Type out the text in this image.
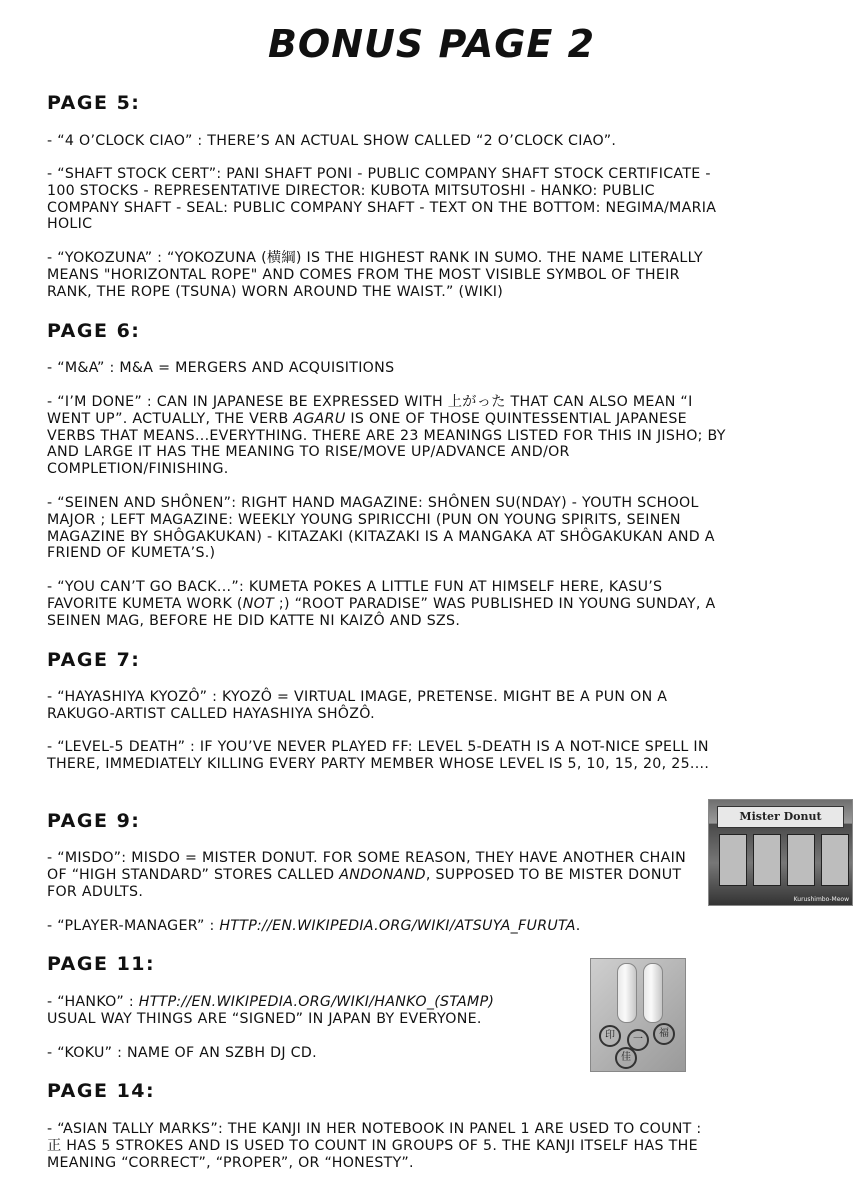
BONUS PAGE 2
PAGE 5:
- “4 O’CLOCK CIAO” : THERE’S AN ACTUAL SHOW CALLED “2 O’CLOCK CIAO”.
- “SHAFT STOCK CERT”: PANI SHAFT PONI - PUBLIC COMPANY SHAFT STOCK CERTIFICATE - 100 STOCKS - REPRESENTATIVE DIRECTOR: KUBOTA MITSUTOSHI - HANKO: PUBLIC COMPANY SHAFT - SEAL: PUBLIC COMPANY SHAFT - TEXT ON THE BOTTOM: NEGIMA/MARIA HOLIC
- “YOKOZUNA” : “YOKOZUNA (横綱) IS THE HIGHEST RANK IN SUMO. THE NAME LITERALLY MEANS "HORIZONTAL ROPE" AND COMES FROM THE MOST VISIBLE SYMBOL OF THEIR RANK, THE ROPE (TSUNA) WORN AROUND THE WAIST.” (WIKI)
PAGE 6:
- “M&A” : M&A = MERGERS AND ACQUISITIONS
- “I’M DONE” : CAN IN JAPANESE BE EXPRESSED WITH 上がった THAT CAN ALSO MEAN “I WENT UP”. ACTUALLY, THE VERB AGARU IS ONE OF THOSE QUINTESSENTIAL JAPANESE VERBS THAT MEANS...EVERYTHING. THERE ARE 23 MEANINGS LISTED FOR THIS IN JISHO; BY AND LARGE IT HAS THE MEANING TO RISE/MOVE UP/ADVANCE AND/OR COMPLETION/FINISHING.
- “SEINEN AND SHÔNEN”: RIGHT HAND MAGAZINE: SHÔNEN SU(NDAY) - YOUTH SCHOOL MAJOR ; LEFT MAGAZINE: WEEKLY YOUNG SPIRICCHI (PUN ON YOUNG SPIRITS, SEINEN MAGAZINE BY SHÔGAKUKAN) - KITAZAKI (KITAZAKI IS A MANGAKA AT SHÔGAKUKAN AND A FRIEND OF KUMETA’S.)
- “YOU CAN’T GO BACK...”: KUMETA POKES A LITTLE FUN AT HIMSELF HERE, KASU’S FAVORITE KUMETA WORK (NOT ;) “ROOT PARADISE” WAS PUBLISHED IN YOUNG SUNDAY, A SEINEN MAG, BEFORE HE DID KATTE NI KAIZÔ AND SZS.
PAGE 7:
- “HAYASHIYA KYOZÔ” : KYOZÔ = VIRTUAL IMAGE, PRETENSE. MIGHT BE A PUN ON A RAKUGO-ARTIST CALLED HAYASHIYA SHÔZÔ.
- “LEVEL-5 DEATH” : IF YOU’VE NEVER PLAYED FF: LEVEL 5-DEATH IS A NOT-NICE SPELL IN THERE, IMMEDIATELY KILLING EVERY PARTY MEMBER WHOSE LEVEL IS 5, 10, 15, 20, 25....
PAGE 9:
- “MISDO”: MISDO = MISTER DONUT. FOR SOME REASON, THEY HAVE ANOTHER CHAIN OF “HIGH STANDARD” STORES CALLED ANDONAND, SUPPOSED TO BE MISTER DONUT FOR ADULTS.
- “PLAYER-MANAGER” : HTTP://EN.WIKIPEDIA.ORG/WIKI/ATSUYA_FURUTA.
Mister Donut
Kurushimbo-Meow
PAGE 11:
- “HANKO” : HTTP://EN.WIKIPEDIA.ORG/WIKI/HANKO_(STAMP)
USUAL WAY THINGS ARE “SIGNED” IN JAPAN BY EVERYONE.
- “KOKU” : NAME OF AN SZBH DJ CD.
印	一
福
佳
PAGE 14:
- “ASIAN TALLY MARKS”: THE KANJI IN HER NOTEBOOK IN PANEL 1 ARE USED TO COUNT : 正 HAS 5 STROKES AND IS USED TO COUNT IN GROUPS OF 5. THE KANJI ITSELF HAS THE MEANING “CORRECT”, “PROPER”, OR “HONESTY”.
